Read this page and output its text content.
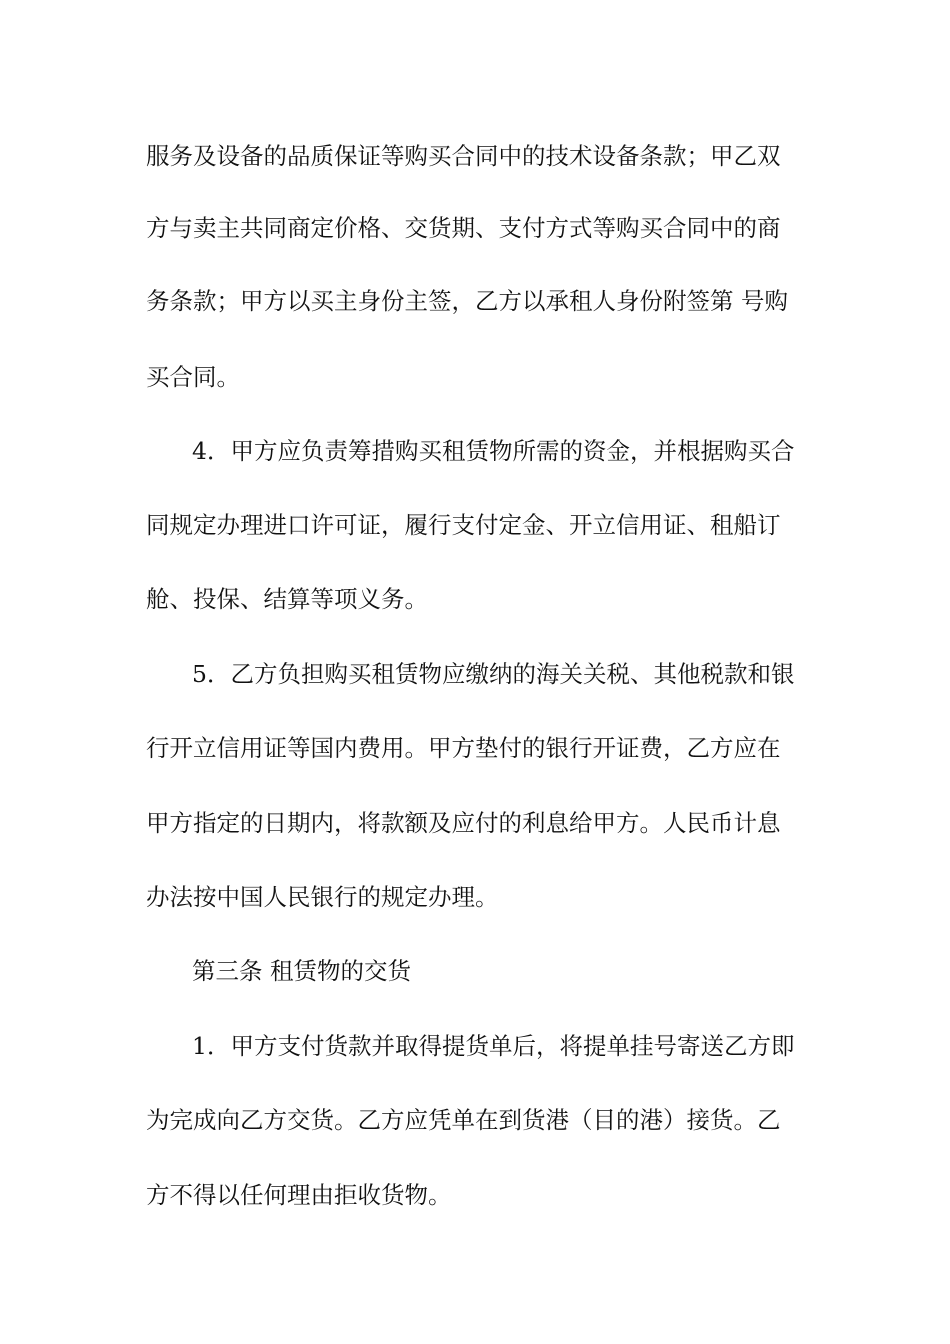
服务及设备的品质保证等购买合同中的技术设备条款；甲乙双
方与卖主共同商定价格、交货期、支付方式等购买合同中的商
务条款；甲方以买主身份主签，乙方以承租人身份附签第 号购
买合同。
4．甲方应负责筹措购买租赁物所需的资金，并根据购买合
同规定办理进口许可证，履行支付定金、开立信用证、租船订
舱、投保、结算等项义务。
5．乙方负担购买租赁物应缴纳的海关关税、其他税款和银
行开立信用证等国内费用。甲方垫付的银行开证费，乙方应在
甲方指定的日期内，将款额及应付的利息给甲方。人民币计息
办法按中国人民银行的规定办理。
第三条 租赁物的交货
1．甲方支付货款并取得提货单后，将提单挂号寄送乙方即
为完成向乙方交货。乙方应凭单在到货港（目的港）接货。乙
方不得以任何理由拒收货物。
